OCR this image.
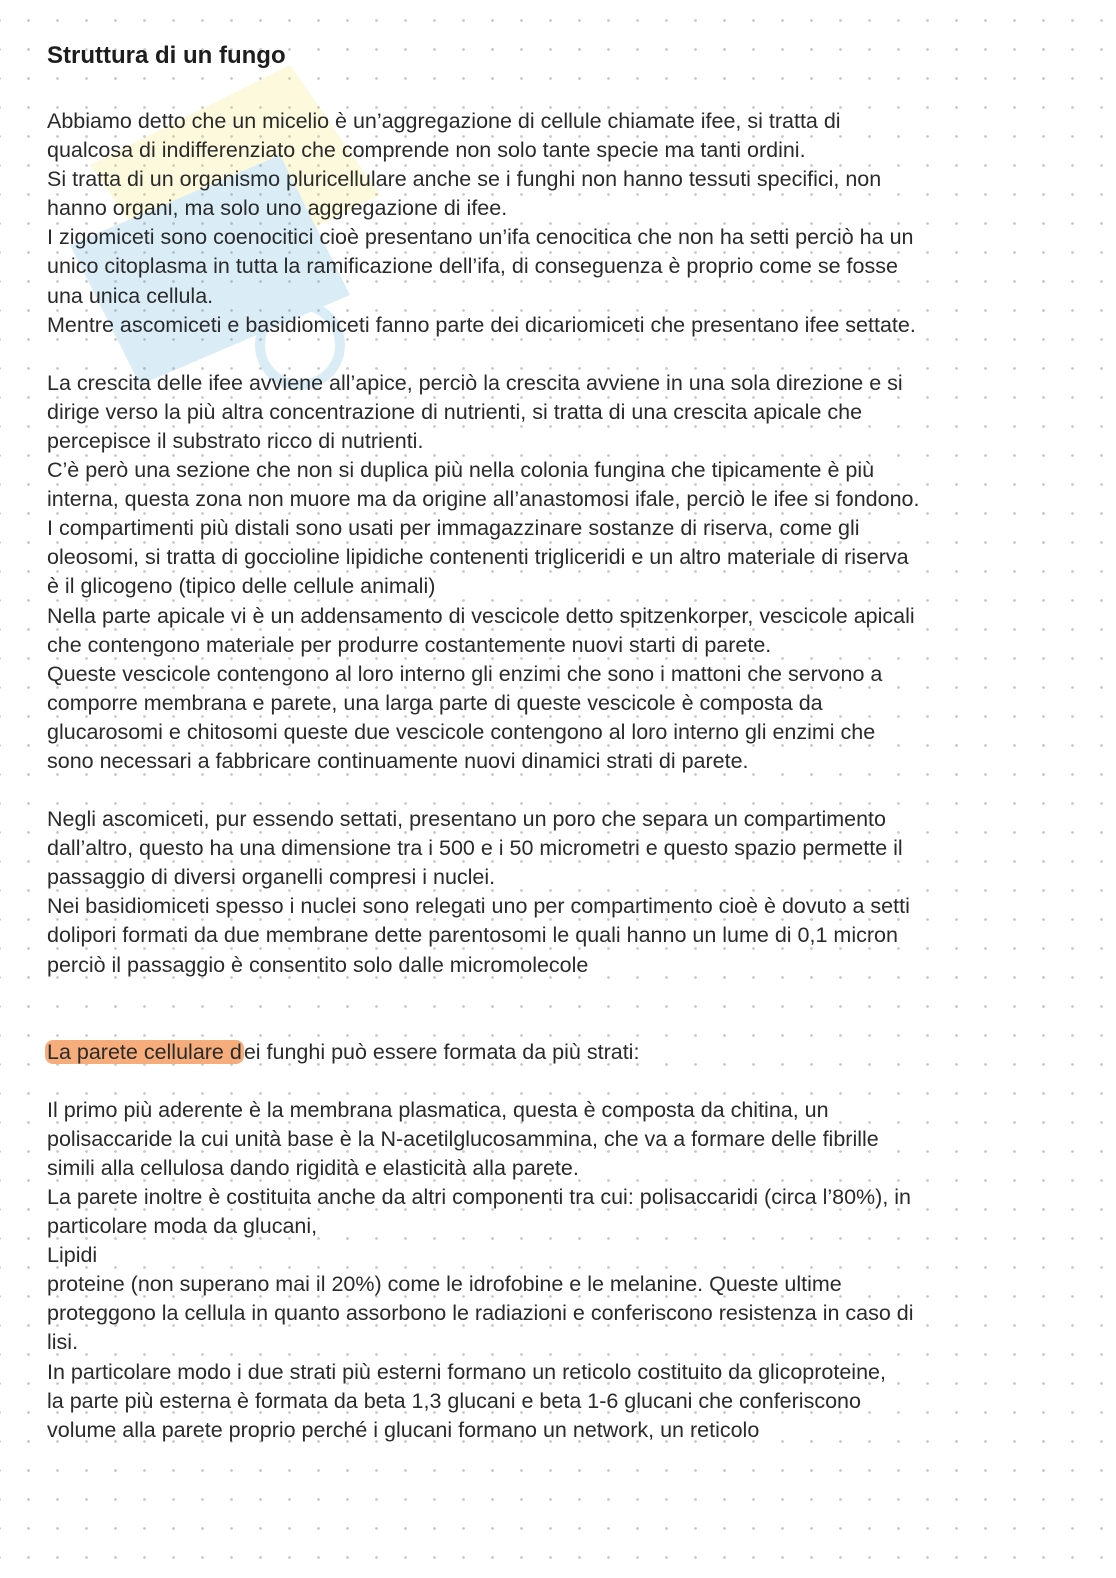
Struttura di un fungo
Abbiamo detto che un micelio è un’aggregazione di cellule chiamate ifee, si tratta di
qualcosa di indifferenziato che comprende non solo tante specie ma tanti ordini.
Si tratta di un organismo pluricellulare anche se i funghi non hanno tessuti specifici, non
hanno organi, ma solo uno aggregazione di ifee.
I zigomiceti sono coenocitici cioè presentano un’ifa cenocitica che non ha setti perciò ha un
unico citoplasma in tutta la ramificazione dell’ifa, di conseguenza è proprio come se fosse
una unica cellula.
Mentre ascomiceti e basidiomiceti fanno parte dei dicariomiceti che presentano ifee settate.
La crescita delle ifee avviene all’apice, perciò la crescita avviene in una sola direzione e si
dirige verso la più altra concentrazione di nutrienti, si tratta di una crescita apicale che
percepisce il substrato ricco di nutrienti.
C’è però una sezione che non si duplica più nella colonia fungina che tipicamente è più
interna, questa zona non muore ma da origine all’anastomosi ifale, perciò le ifee si fondono.
I compartimenti più distali sono usati per immagazzinare sostanze di riserva, come gli
oleosomi, si tratta di goccioline lipidiche contenenti trigliceridi e un altro materiale di riserva
è il glicogeno (tipico delle cellule animali)
Nella parte apicale vi è un addensamento di vescicole detto spitzenkorper, vescicole apicali
che contengono materiale per produrre costantemente nuovi starti di parete.
Queste vescicole contengono al loro interno gli enzimi che sono i mattoni che servono a
comporre membrana e parete, una larga parte di queste vescicole è composta da
glucarosomi e chitosomi queste due vescicole contengono al loro interno gli enzimi che
sono necessari a fabbricare continuamente nuovi dinamici strati di parete.
Negli ascomiceti, pur essendo settati, presentano un poro che separa un compartimento
dall’altro, questo ha una dimensione tra i 500 e i 50 micrometri e questo spazio permette il
passaggio di diversi organelli compresi i nuclei.
Nei basidiomiceti spesso i nuclei sono relegati uno per compartimento cioè è dovuto a setti
dolipori formati da due membrane dette parentosomi le quali hanno un lume di 0,1 micron
perciò il passaggio è consentito solo dalle micromolecole
La parete cellulare dei funghi può essere formata da più strati:
Il primo più aderente è la membrana plasmatica, questa è composta da chitina, un
polisaccaride la cui unità base è la N-acetilglucosammina, che va a formare delle fibrille
simili alla cellulosa dando rigidità e elasticità alla parete.
La parete inoltre è costituita anche da altri componenti tra cui: polisaccaridi (circa l’80%), in
particolare moda da glucani,
Lipidi
proteine (non superano mai il 20%) come le idrofobine e le melanine. Queste ultime
proteggono la cellula in quanto assorbono le radiazioni e conferiscono resistenza in caso di
lisi.
In particolare modo i due strati più esterni formano un reticolo costituito da glicoproteine,
la parte più esterna è formata da beta 1,3 glucani e beta 1-6 glucani che conferiscono
volume alla parete proprio perché i glucani formano un network, un reticolo
